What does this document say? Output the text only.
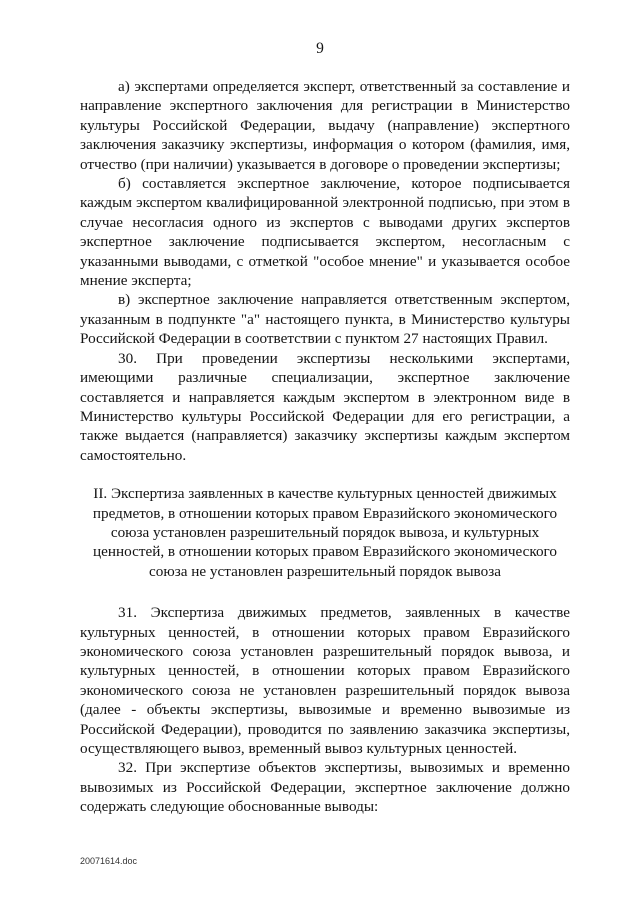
9

а) экспертами определяется эксперт, ответственный за составление и направление экспертного заключения для регистрации в Министерство культуры Российской Федерации, выдачу (направление) экспертного заключения заказчику экспертизы, информация о котором (фамилия, имя, отчество (при наличии) указывается в договоре о проведении экспертизы;

б) составляется экспертное заключение, которое подписывается каждым экспертом квалифицированной электронной подписью, при этом в случае несогласия одного из экспертов с выводами других экспертов экспертное заключение подписывается экспертом, несогласным с указанными выводами, с отметкой "особое мнение" и указывается особое мнение эксперта;

в) экспертное заключение направляется ответственным экспертом, указанным в подпункте "а" настоящего пункта, в Министерство культуры Российской Федерации в соответствии с пунктом 27 настоящих Правил.

30. При проведении экспертизы несколькими экспертами, имеющими различные специализации, экспертное заключение составляется и направляется каждым экспертом в электронном виде в Министерство культуры Российской Федерации для его регистрации, а также выдается (направляется) заказчику экспертизы каждым экспертом самостоятельно.

II. Экспертиза заявленных в качестве культурных ценностей движимых предметов, в отношении которых правом Евразийского экономического союза установлен разрешительный порядок вывоза, и культурных ценностей, в отношении которых правом Евразийского экономического союза не установлен разрешительный порядок вывоза

31. Экспертиза движимых предметов, заявленных в качестве культурных ценностей, в отношении которых правом Евразийского экономического союза установлен разрешительный порядок вывоза, и культурных ценностей, в отношении которых правом Евразийского экономического союза не установлен разрешительный порядок вывоза (далее - объекты экспертизы, вывозимые и временно вывозимые из Российской Федерации), проводится по заявлению заказчика экспертизы, осуществляющего вывоз, временный вывоз культурных ценностей.

32. При экспертизе объектов экспертизы, вывозимых и временно вывозимых из Российской Федерации, экспертное заключение должно содержать следующие обоснованные выводы:

20071614.doc
